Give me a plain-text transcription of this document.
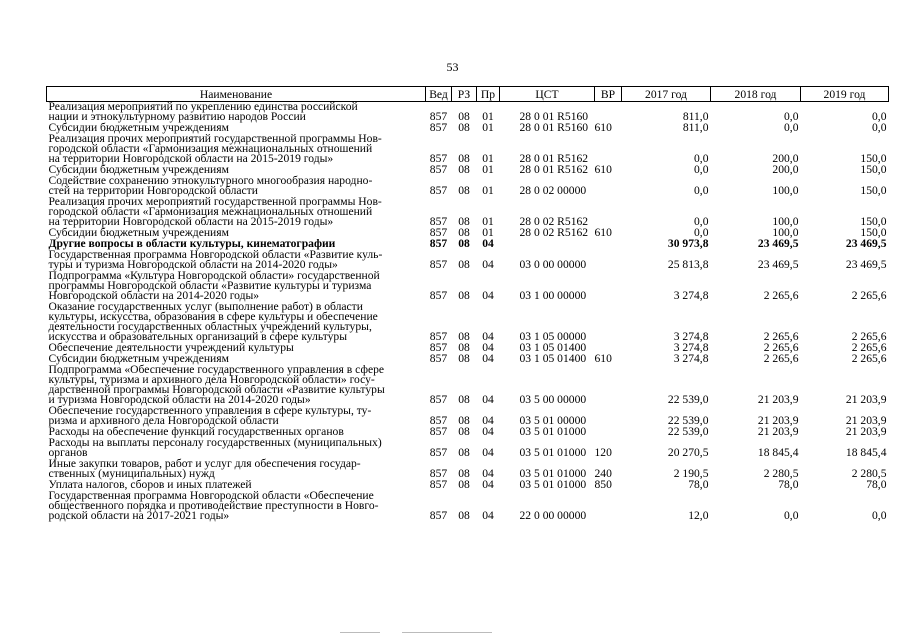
53
Наименование	Вед	РЗ	Пр	ЦСТ	ВР	2017 год	2018 год	2019 год

Реализация мероприятий по укреплению единства российской
нации и этнокультурному развитию народов России	857	08	01	28 0 01 R5160		811,0	0,0	0,0

Субсидии бюджетным учреждениям	857	08	01	28 0 01 R5160	610	811,0	0,0	0,0

Реализация прочих мероприятий государственной программы Нов-
городской области «Гармонизация межнациональных отношений
на территории Новгородской области на 2015-2019 годы»	857	08	01	28 0 01 R5162		0,0	200,0	150,0

Субсидии бюджетным учреждениям	857	08	01	28 0 01 R5162	610	0,0	200,0	150,0

Содействие сохранению этнокультурного многообразия народно-
стей на территории Новгородской области	857	08	01	28 0 02 00000		0,0	100,0	150,0

Реализация прочих мероприятий государственной программы Нов-
городской области «Гармонизация межнациональных отношений
на территории Новгородской области на 2015-2019 годы»	857	08	01	28 0 02 R5162		0,0	100,0	150,0

Субсидии бюджетным учреждениям	857	08	01	28 0 02 R5162	610	0,0	100,0	150,0

Другие вопросы в области культуры, кинематографии	857	08	04			30 973,8	23 469,5	23 469,5

Государственная программа Новгородской области «Развитие куль-
туры и туризма Новгородской области на 2014-2020 годы»	857	08	04	03 0 00 00000		25 813,8	23 469,5	23 469,5

Подпрограмма «Культура Новгородской области» государственной
программы Новгородской области «Развитие культуры и туризма
Новгородской области на 2014-2020 годы»	857	08	04	03 1 00 00000		3 274,8	2 265,6	2 265,6

Оказание государственных услуг (выполнение работ) в области
культуры, искусства, образования в сфере культуры и обеспечение
деятельности государственных областных учреждений культуры,
искусства и образовательных организаций в сфере культуры	857	08	04	03 1 05 00000		3 274,8	2 265,6	2 265,6

Обеспечение деятельности учреждений культуры	857	08	04	03 1 05 01400		3 274,8	2 265,6	2 265,6

Субсидии бюджетным учреждениям	857	08	04	03 1 05 01400	610	3 274,8	2 265,6	2 265,6

Подпрограмма «Обеспечение государственного управления в сфере
культуры, туризма и архивного дела Новгородской области» госу-
дарственной программы Новгородской области «Развитие культуры
и туризма Новгородской области на 2014-2020 годы»	857	08	04	03 5 00 00000		22 539,0	21 203,9	21 203,9

Обеспечение государственного управления в сфере культуры, ту-
ризма и архивного дела Новгородской области	857	08	04	03 5 01 00000		22 539,0	21 203,9	21 203,9

Расходы на обеспечение функций государственных органов	857	08	04	03 5 01 01000		22 539,0	21 203,9	21 203,9

Расходы на выплаты персоналу государственных (муниципальных)
органов	857	08	04	03 5 01 01000	120	20 270,5	18 845,4	18 845,4

Иные закупки товаров, работ и услуг для обеспечения государ-
ственных (муниципальных) нужд	857	08	04	03 5 01 01000	240	2 190,5	2 280,5	2 280,5

Уплата налогов, сборов и иных платежей	857	08	04	03 5 01 01000	850	78,0	78,0	78,0

Государственная программа Новгородской области «Обеспечение
общественного порядка и противодействие преступности в Новго-
родской области на 2017-2021 годы»	857	08	04	22 0 00 00000		12,0	0,0	0,0
